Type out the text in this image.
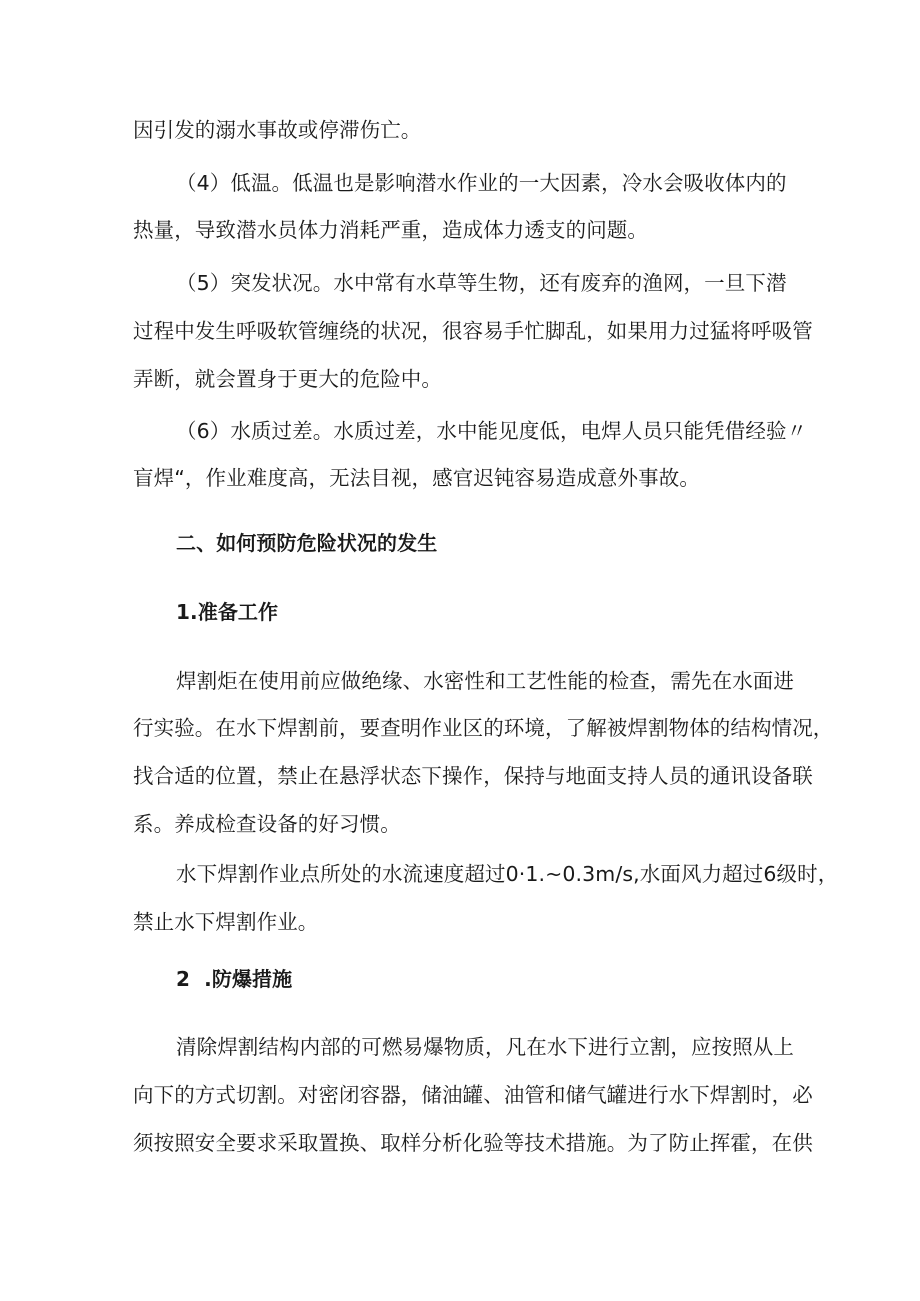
因引发的溺水事故或停滞伤亡。
（4）低温。低温也是影响潜水作业的一大因素，冷水会吸收体内的
热量，导致潜水员体力消耗严重，造成体力透支的问题。
（5）突发状况。水中常有水草等生物，还有废弃的渔网，一旦下潜
过程中发生呼吸软管缠绕的状况，很容易手忙脚乱，如果用力过猛将呼吸管
弄断，就会置身于更大的危险中。
（6）水质过差。水质过差，水中能见度低，电焊人员只能凭借经验〃
盲焊“，作业难度高，无法目视，感官迟钝容易造成意外事故。
二、如何预防危险状况的发生
1.准备工作
焊割炬在使用前应做绝缘、水密性和工艺性能的检查，需先在水面进
行实验。在水下焊割前，要查明作业区的环境，了解被焊割物体的结构情况，
找合适的位置，禁止在悬浮状态下操作，保持与地面支持人员的通讯设备联
系。养成检查设备的好习惯。
水下焊割作业点所处的水流速度超过0·1.~0.3m∕s,水面风力超过6级时，
禁止水下焊割作业。
2  .防爆措施
清除焊割结构内部的可燃易爆物质，凡在水下进行立割，应按照从上
向下的方式切割。对密闭容器，储油罐、油管和储气罐进行水下焊割时，必
须按照安全要求采取置换、取样分析化验等技术措施。为了防止挥霍，在供
